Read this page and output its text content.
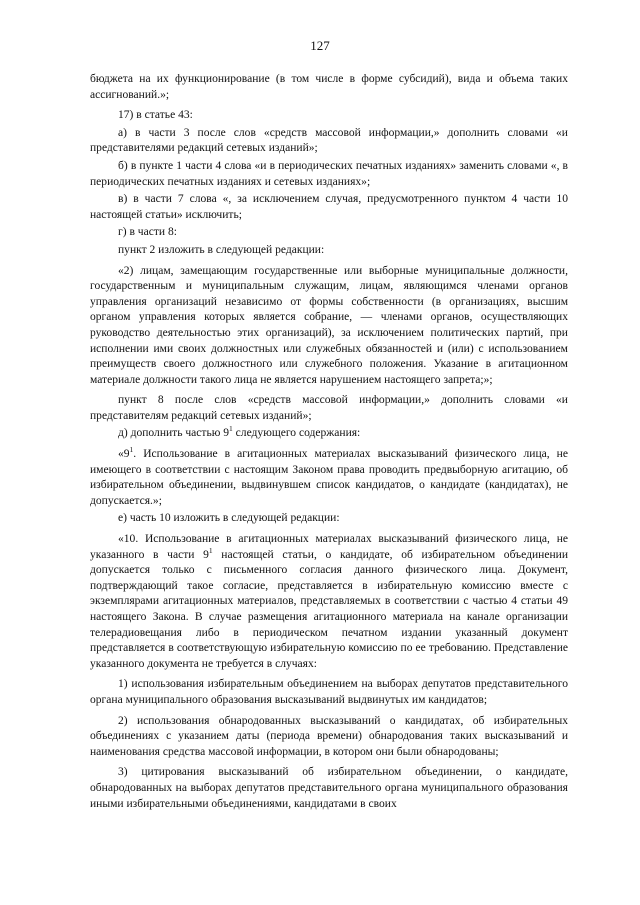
127

бюджета на их функционирование (в том числе в форме субсидий), вида и объема таких ассигнований.»;

17) в статье 43:

а) в части 3 после слов «средств массовой информации,» дополнить словами «и представителями редакций сетевых изданий»;

б) в пункте 1 части 4 слова «и в периодических печатных изданиях» заменить словами «, в периодических печатных изданиях и сетевых изданиях»;

в) в части 7 слова «, за исключением случая, предусмотренного пунктом 4 части 10 настоящей статьи» исключить;

г) в части 8:

пункт 2 изложить в следующей редакции:

«2) лицам, замещающим государственные или выборные муниципальные должности, государственным и муниципальным служащим, лицам, являющимся членами органов управления организаций независимо от формы собственности (в организациях, высшим органом управления которых является собрание, — членами органов, осуществляющих руководство деятельностью этих организаций), за исключением политических партий, при исполнении ими своих должностных или служебных обязанностей и (или) с использованием преимуществ своего должностного или служебного положения. Указание в агитационном материале должности такого лица не является нарушением настоящего запрета;»;

пункт 8 после слов «средств массовой информации,» дополнить словами «и представителям редакций сетевых изданий»;

д) дополнить частью $9^1$ следующего содержания:

«$9^1$. Использование в агитационных материалах высказываний физического лица, не имеющего в соответствии с настоящим Законом права проводить предвыборную агитацию, об избирательном объединении, выдвинувшем список кандидатов, о кандидате (кандидатах), не допускается.»;

е) часть 10 изложить в следующей редакции:

«10. Использование в агитационных материалах высказываний физического лица, не указанного в части $9^1$ настоящей статьи, о кандидате, об избирательном объединении допускается только с письменного согласия данного физического лица. Документ, подтверждающий такое согласие, представляется в избирательную комиссию вместе с экземплярами агитационных материалов, представляемых в соответствии с частью 4 статьи 49 настоящего Закона. В случае размещения агитационного материала на канале организации телерадиовещания либо в периодическом печатном издании указанный документ представляется в соответствующую избирательную комиссию по ее требованию. Представление указанного документа не требуется в случаях:

1) использования избирательным объединением на выборах депутатов представительного органа муниципального образования высказываний выдвинутых им кандидатов;

2) использования обнародованных высказываний о кандидатах, об избирательных объединениях с указанием даты (периода времени) обнародования таких высказываний и наименования средства массовой информации, в котором они были обнародованы;

3) цитирования высказываний об избирательном объединении, о кандидате, обнародованных на выборах депутатов представительного органа муниципального образования иными избирательными объединениями, кандидатами в своих
